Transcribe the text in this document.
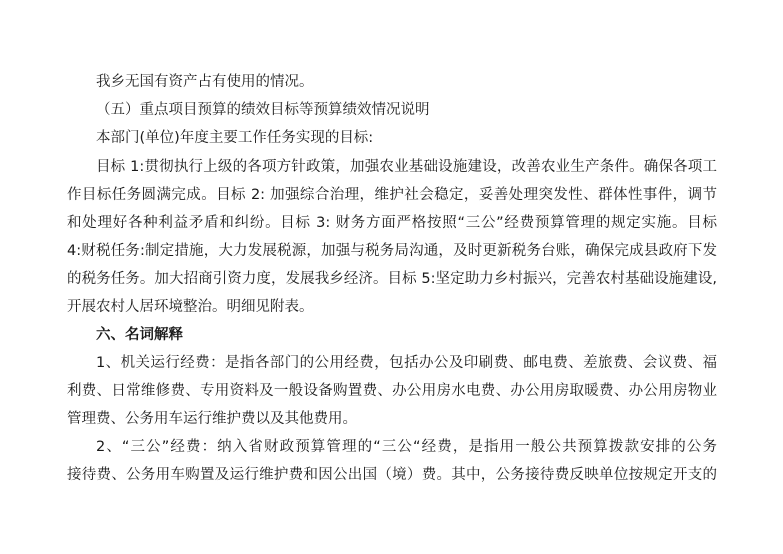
我乡无国有资产占有使用的情况。
（五）重点项目预算的绩效目标等预算绩效情况说明
本部门(单位)年度主要工作任务实现的目标:
目标 1:贯彻执行上级的各项方针政策，加强农业基础设施建设，改善农业生产条件。确保各项工
作目标任务圆满完成。目标 2: 加强综合治理，维护社会稳定，妥善处理突发性、群体性事件，调节
和处理好各种利益矛盾和纠纷。目标 3: 财务方面严格按照“三公”经费预算管理的规定实施。目标
4:财税任务:制定措施，大力发展税源，加强与税务局沟通，及时更新税务台账，确保完成县政府下发
的税务任务。加大招商引资力度，发展我乡经济。目标 5:坚定助力乡村振兴，完善农村基础设施建设,
开展农村人居环境整治。明细见附表。
六、名词解释
1、机关运行经费：是指各部门的公用经费，包括办公及印刷费、邮电费、差旅费、会议费、福
利费、日常维修费、专用资料及一般设备购置费、办公用房水电费、办公用房取暖费、办公用房物业
管理费、公务用车运行维护费以及其他费用。
2、“三公”经费：纳入省财政预算管理的“三公“经费，是指用一般公共预算拨款安排的公务
接待费、公务用车购置及运行维护费和因公出国（境）费。其中，公务接待费反映单位按规定开支的
